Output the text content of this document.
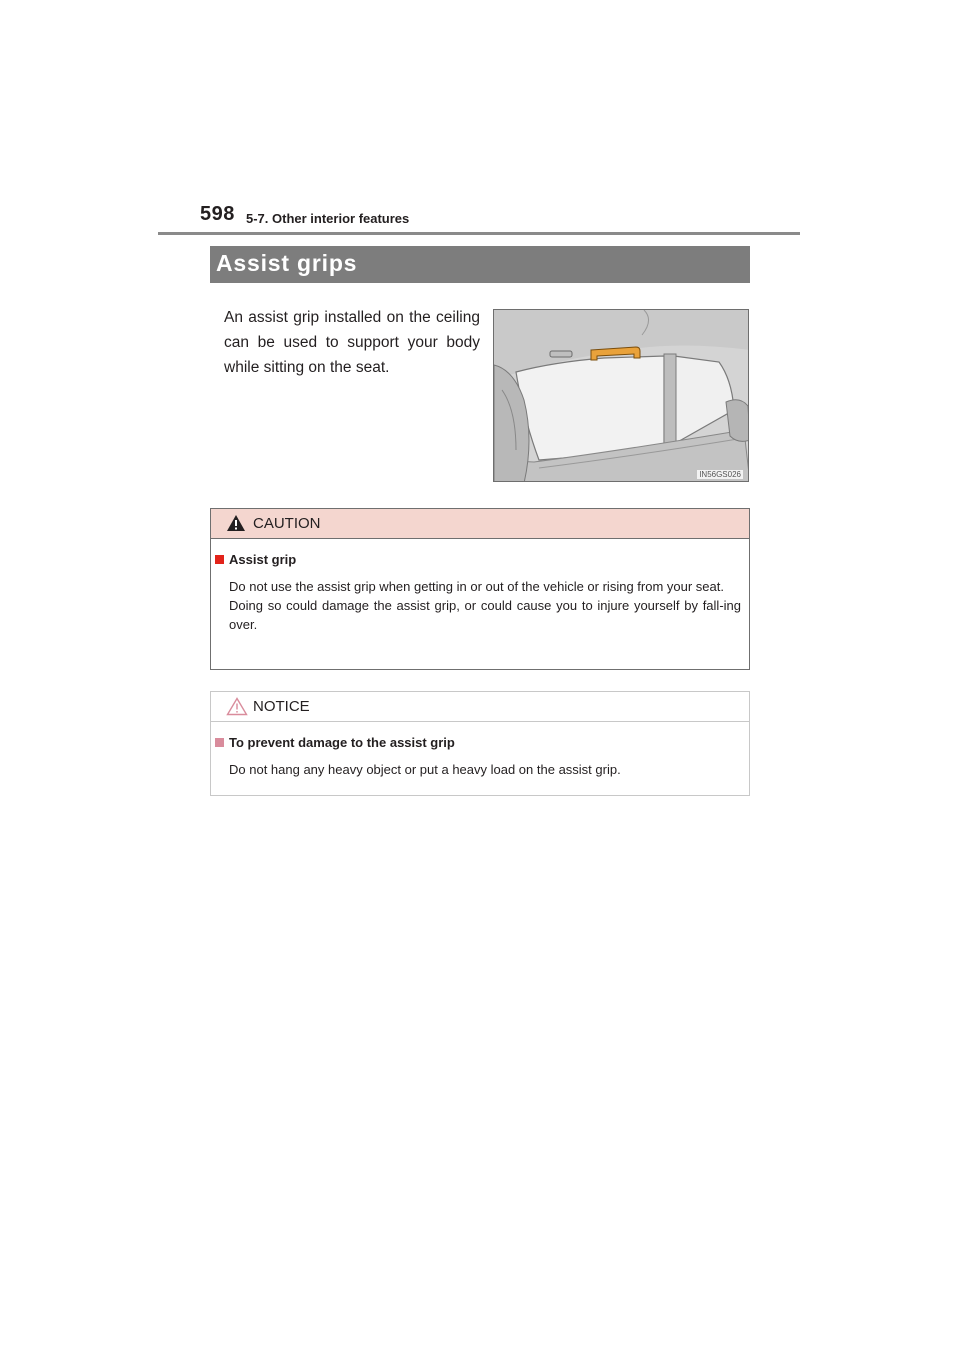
598 5-7. Other interior features
Assist grips
An assist grip installed on the ceiling can be used to support your body while sitting on the seat.
IN56GS026
CAUTION
Assist grip

Do not use the assist grip when getting in or out of the vehicle or rising from your seat.

Doing so could damage the assist grip, or could cause you to injure yourself by fall-ing over.

NOTICE
To prevent damage to the assist grip

Do not hang any heavy object or put a heavy load on the assist grip.
